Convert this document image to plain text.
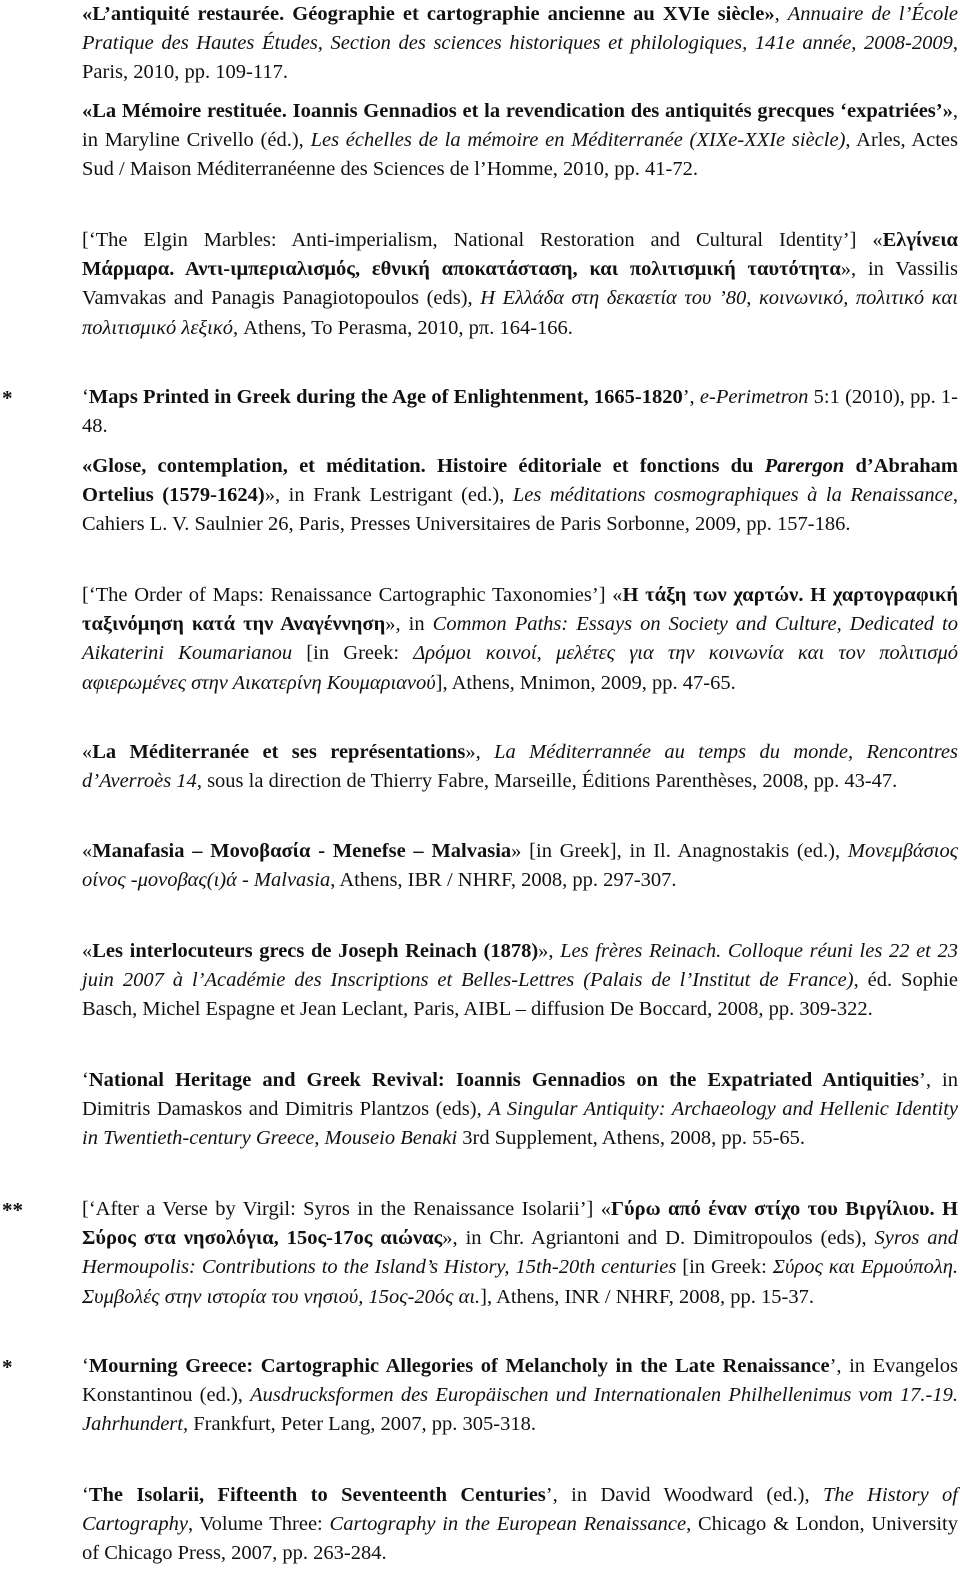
«L’antiquité restaurée. Géographie et cartographie ancienne au XVIe siècle», Annuaire de l’École Pratique des Hautes Études, Section des sciences historiques et philologiques, 141e année, 2008-2009, Paris, 2010, pp. 109-117.

«La Mémoire restituée. Ioannis Gennadios et la revendication des antiquités grecques ‘expatriées’», in Maryline Crivello (éd.), Les échelles de la mémoire en Méditerranée (XIXe-XXIe siècle), Arles, Actes Sud / Maison Méditerranéenne des Sciences de l’Homme, 2010, pp. 41-72.

[‘The Elgin Marbles: Anti-imperialism, National Restoration and Cultural Identity’] «Ελγίνεια Μάρμαρα. Αντι-ιμπεριαλισμός, εθνική αποκατάσταση, και πολιτισμική ταυτότητα», in Vassilis Vamvakas and Panagis Panagiotopoulos (eds), Η Ελλάδα στη δεκαετία του ’80, κοινωνικό, πολιτικό και πολιτισμικό λεξικό, Athens, To Perasma, 2010, pπ. 164-166.

*	‘Maps Printed in Greek during the Age of Enlightenment, 1665-1820’, e-Perimetron 5:1 (2010), pp. 1-48.

«Glose, contemplation, et méditation. Histoire éditoriale et fonctions du Parergon d’Abraham Ortelius (1579-1624)», in Frank Lestrigant (ed.), Les méditations cosmographiques à la Renaissance, Cahiers L. V. Saulnier 26, Paris, Presses Universitaires de Paris Sorbonne, 2009, pp. 157-186.

[‘The Order of Maps: Renaissance Cartographic Taxonomies’] «Η τάξη των χαρτών. Η χαρτογραφική ταξινόμηση κατά την Αναγέννηση», in Common Paths: Essays on Society and Culture, Dedicated to Aikaterini Koumarianou [in Greek: Δρόμοι κοινοί, μελέτες για την κοινωνία και τον πολιτισμό αφιερωμένες στην Αικατερίνη Κουμαριανού], Athens, Mnimon, 2009, pp. 47-65.

«La Méditerranée et ses représentations», La Méditerrannée au temps du monde, Rencontres d’Averroès 14, sous la direction de Thierry Fabre, Marseille, Éditions Parenthèses, 2008, pp. 43-47.

«Manafasia – Μονοβασία - Menefse – Malvasia» [in Greek], in Il. Anagnostakis (ed.), Μονεμβάσιος οίνος -μονοβας(ι)ά - Malvasia, Athens, IBR / NHRF, 2008, pp. 297-307.

«Les interlocuteurs grecs de Joseph Reinach (1878)», Les frères Reinach. Colloque réuni les 22 et 23 juin 2007 à l’Académie des Inscriptions et Belles-Lettres (Palais de l’Institut de France), éd. Sophie Basch, Michel Espagne et Jean Leclant, Paris, AIBL – diffusion De Boccard, 2008, pp. 309-322.

‘National Heritage and Greek Revival: Ioannis Gennadios on the Expatriated Antiquities’, in Dimitris Damaskos and Dimitris Plantzos (eds), A Singular Antiquity: Archaeology and Hellenic Identity in Twentieth-century Greece, Mouseio Benaki 3rd Supplement, Athens, 2008, pp. 55-65.

**	[‘After a Verse by Virgil: Syros in the Renaissance Isolarii’] «Γύρω από έναν στίχο του Βιργίλιου. Η Σύρος στα νησολόγια, 15ος-17ος αιώνας», in Chr. Agriantoni and D. Dimitropoulos (eds), Syros and Hermoupolis: Contributions to the Island’s History, 15th-20th centuries [in Greek: Σύρος και Ερμούπολη. Συμβολές στην ιστορία του νησιού, 15ος-20ός αι.], Athens, INR / NHRF, 2008, pp. 15-37.

*	‘Mourning Greece: Cartographic Allegories of Melancholy in the Late Renaissance’, in Evangelos Konstantinou (ed.), Ausdrucksformen des Europäischen und Internationalen Philhellenimus vom 17.-19. Jahrhundert, Frankfurt, Peter Lang, 2007, pp. 305-318.

‘The Isolarii, Fifteenth to Seventeenth Centuries’, in David Woodward (ed.), The History of Cartography, Volume Three: Cartography in the European Renaissance, Chicago & London, University of Chicago Press, 2007, pp. 263-284.
